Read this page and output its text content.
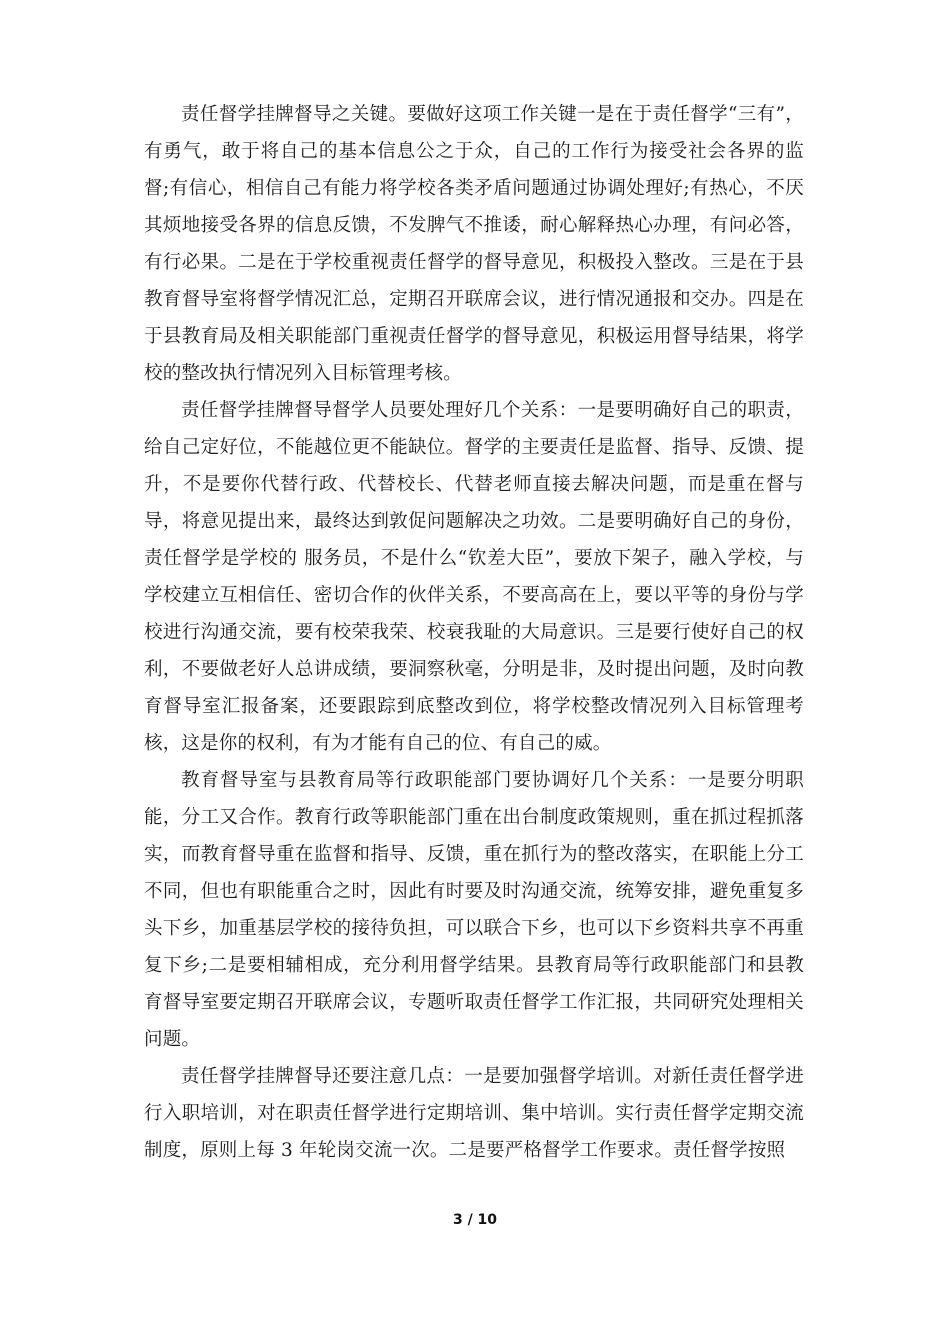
责任督学挂牌督导之关键。要做好这项工作关键一是在于责任督学“三有”，有勇气，敢于将自己的基本信息公之于众，自己的工作行为接受社会各界的监督;有信心，相信自己有能力将学校各类矛盾问题通过协调处理好;有热心，不厌其烦地接受各界的信息反馈，不发脾气不推诿，耐心解释热心办理，有问必答，有行必果。二是在于学校重视责任督学的督导意见，积极投入整改。三是在于县教育督导室将督学情况汇总，定期召开联席会议，进行情况通报和交办。四是在于县教育局及相关职能部门重视责任督学的督导意见，积极运用督导结果，将学校的整改执行情况列入目标管理考核。

责任督学挂牌督导督学人员要处理好几个关系：一是要明确好自己的职责，给自己定好位，不能越位更不能缺位。督学的主要责任是监督、指导、反馈、提升，不是要你代替行政、代替校长、代替老师直接去解决问题，而是重在督与导，将意见提出来，最终达到敦促问题解决之功效。二是要明确好自己的身份，责任督学是学校的 服务员，不是什么“钦差大臣”，要放下架子，融入学校，与学校建立互相信任、密切合作的伙伴关系，不要高高在上，要以平等的身份与学校进行沟通交流，要有校荣我荣、校衰我耻的大局意识。三是要行使好自己的权利，不要做老好人总讲成绩，要洞察秋毫，分明是非，及时提出问题，及时向教育督导室汇报备案，还要跟踪到底整改到位，将学校整改情况列入目标管理考核，这是你的权利，有为才能有自己的位、有自己的威。

教育督导室与县教育局等行政职能部门要协调好几个关系：一是要分明职能，分工又合作。教育行政等职能部门重在出台制度政策规则，重在抓过程抓落实，而教育督导重在监督和指导、反馈，重在抓行为的整改落实，在职能上分工不同，但也有职能重合之时，因此有时要及时沟通交流，统筹安排，避免重复多头下乡，加重基层学校的接待负担，可以联合下乡，也可以下乡资料共享不再重复下乡;二是要相辅相成，充分利用督学结果。县教育局等行政职能部门和县教育督导室要定期召开联席会议，专题听取责任督学工作汇报，共同研究处理相关问题。

责任督学挂牌督导还要注意几点：一是要加强督学培训。对新任责任督学进行入职培训，对在职责任督学进行定期培训、集中培训。实行责任督学定期交流制度，原则上每 3 年轮岗交流一次。二是要严格督学工作要求。责任督学按照

3 / 10
